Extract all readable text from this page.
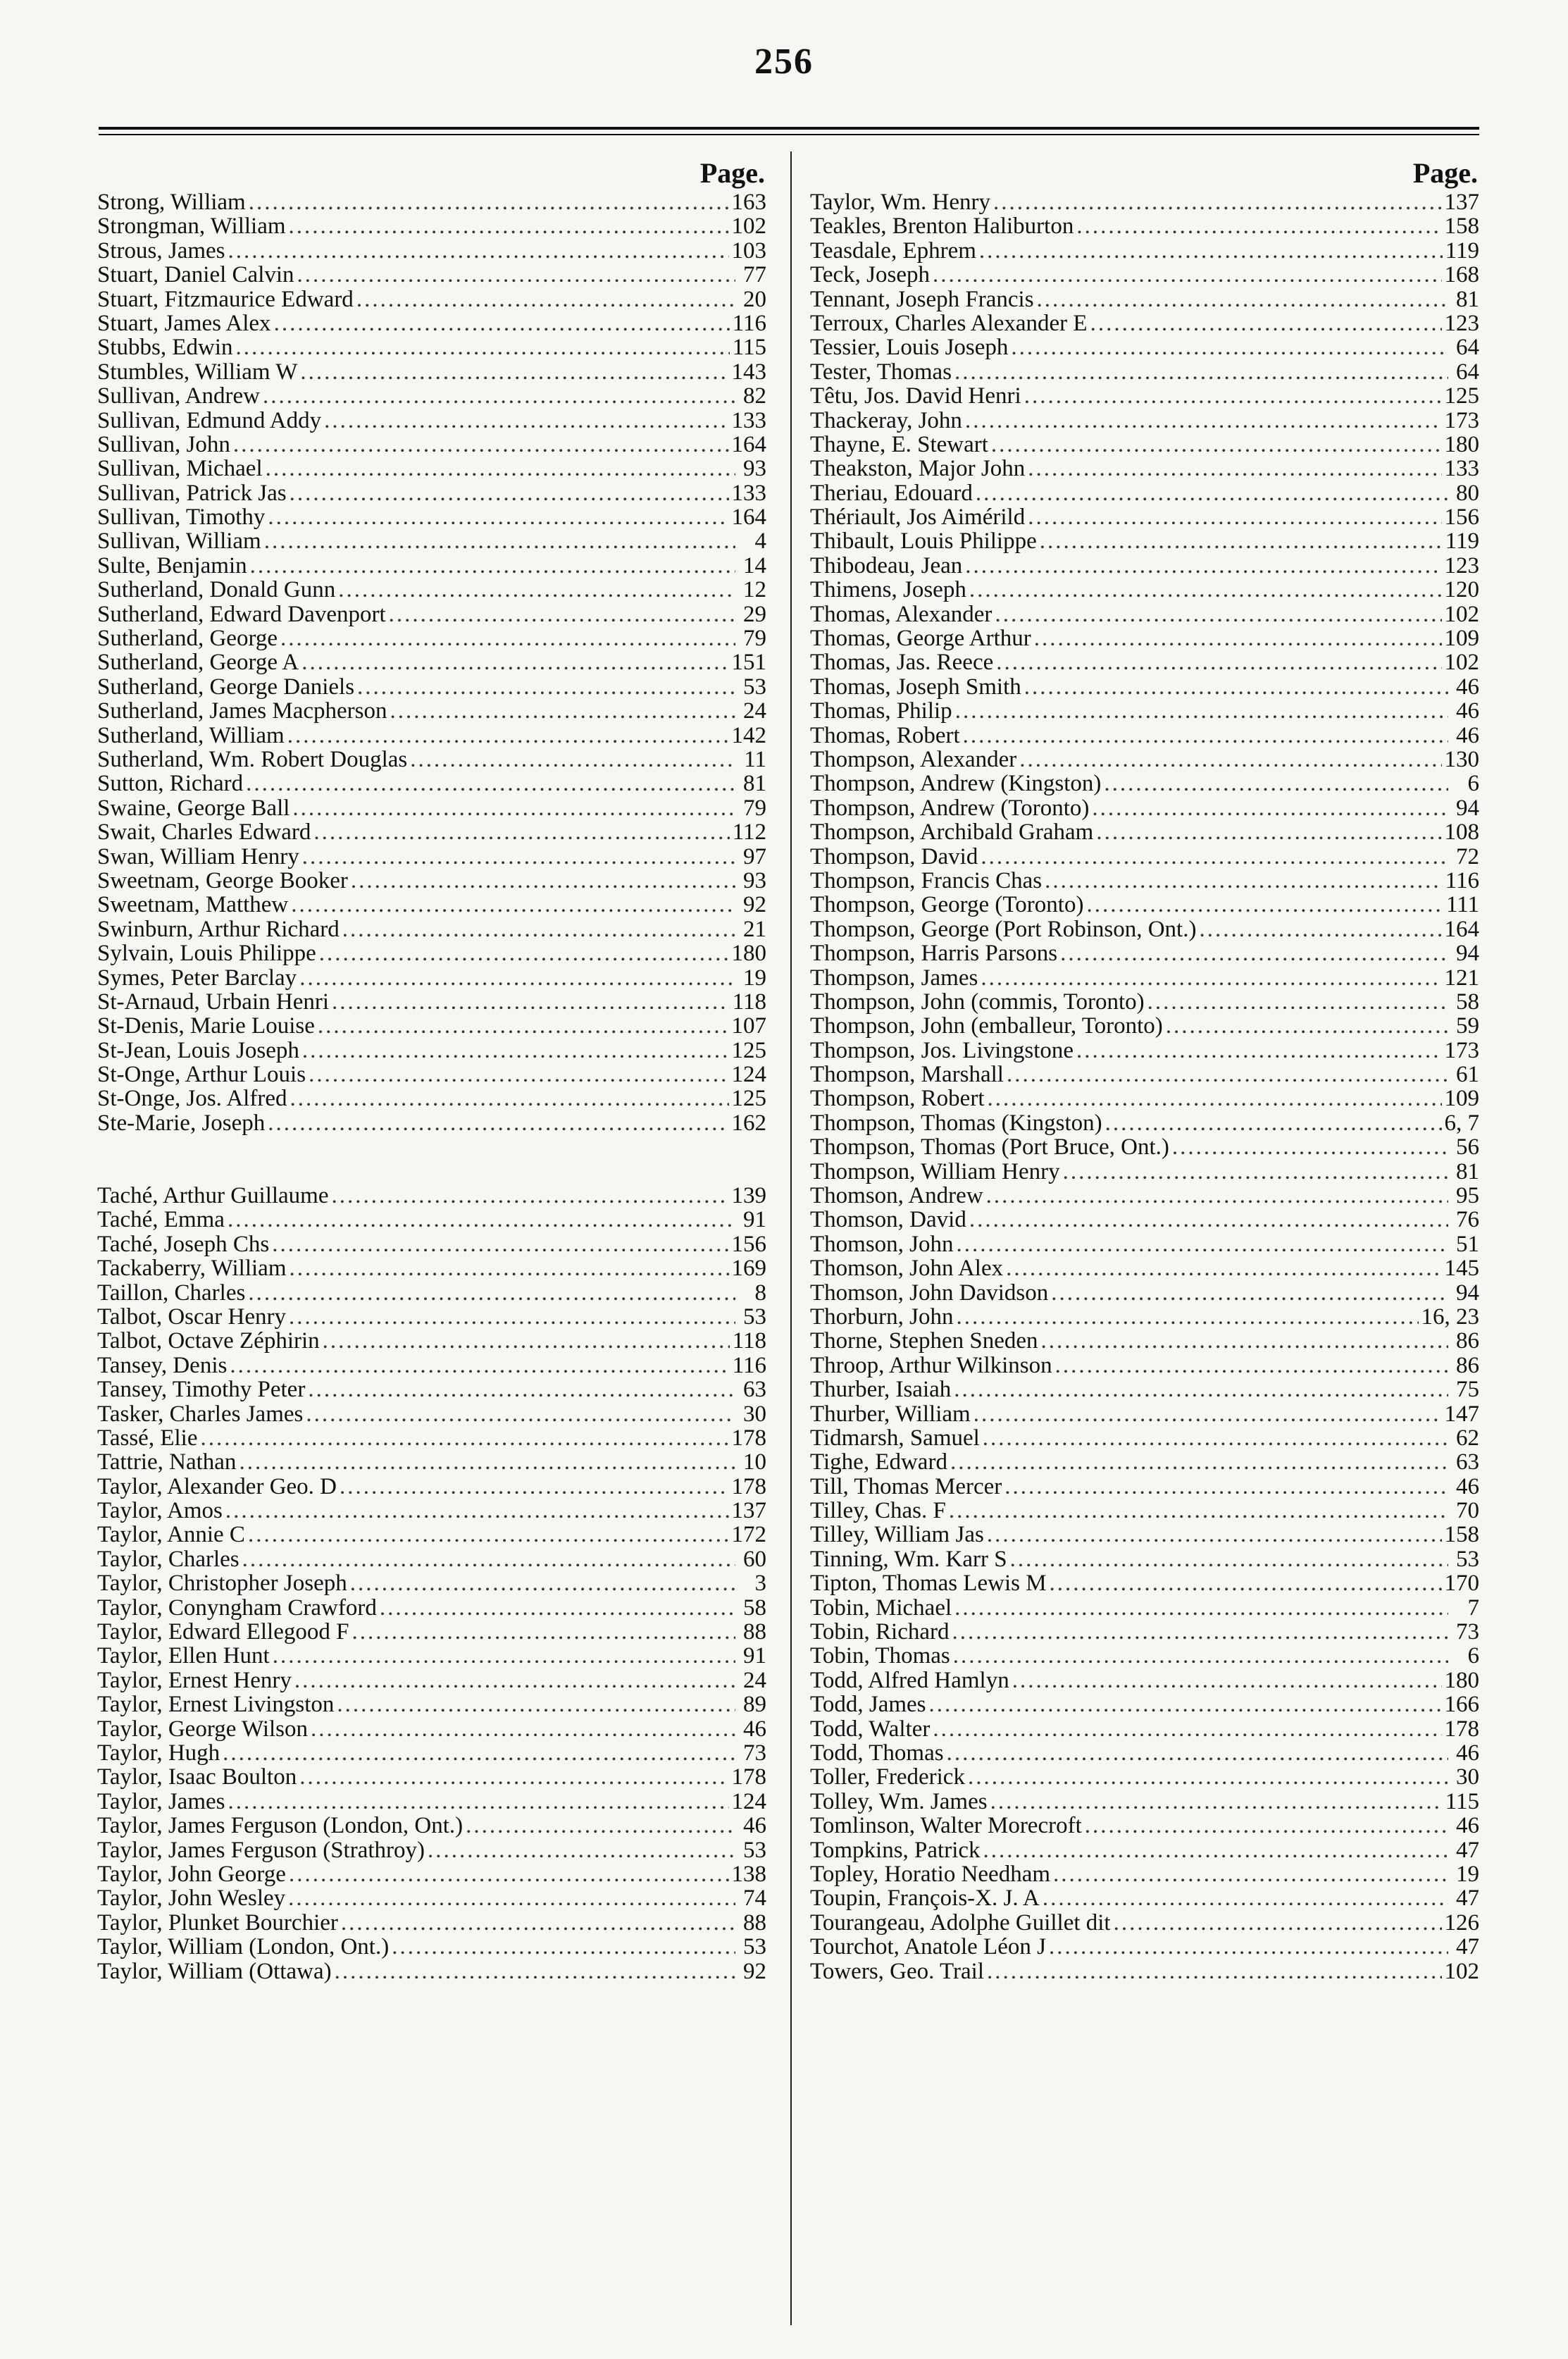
256
Page.
Strong, William .....	163
Strongman, William .....	102
Strous, James .....	103
Stuart, Daniel Calvin .....	77
Stuart, Fitzmaurice Edward .....	20
Stuart, James Alex .....	116
Stubbs, Edwin .....	115
Stumbles, William W .....	143
Sullivan, Andrew .....	82
Sullivan, Edmund Addy .....	133
Sullivan, John .....	164
Sullivan, Michael .....	93
Sullivan, Patrick Jas .....	133
Sullivan, Timothy .....	164
Sullivan, William .....	4
Sulte, Benjamin .....	14
Sutherland, Donald Gunn .....	12
Sutherland, Edward Davenport .....	29
Sutherland, George .....	79
Sutherland, George A .....	151
Sutherland, George Daniels .....	53
Sutherland, James Macpherson .....	24
Sutherland, William .....	142
Sutherland, Wm. Robert Douglas .....	11
Sutton, Richard .....	81
Swaine, George Ball .....	79
Swait, Charles Edward .....	112
Swan, William Henry .....	97
Sweetnam, George Booker .....	93
Sweetnam, Matthew .....	92
Swinburn, Arthur Richard .....	21
Sylvain, Louis Philippe .....	180
Symes, Peter Barclay .....	19
St-Arnaud, Urbain Henri .....	118
St-Denis, Marie Louise .....	107
St-Jean, Louis Joseph .....	125
St-Onge, Arthur Louis .....	124
St-Onge, Jos. Alfred .....	125
Ste-Marie, Joseph .....	162
Taché, Arthur Guillaume .....	139
Taché, Emma .....	91
Taché, Joseph Chs .....	156
Tackaberry, William .....	169
Taillon, Charles .....	8
Talbot, Oscar Henry .....	53
Talbot, Octave Zéphirin .....	118
Tansey, Denis .....	116
Tansey, Timothy Peter .....	63
Tasker, Charles James .....	30
Tassé, Elie .....	178
Tattrie, Nathan .....	10
Taylor, Alexander Geo. D .....	178
Taylor, Amos .....	137
Taylor, Annie C .....	172
Taylor, Charles .....	60
Taylor, Christopher Joseph .....	3
Taylor, Conyngham Crawford .....	58
Taylor, Edward Ellegood F .....	88
Taylor, Ellen Hunt .....	91
Taylor, Ernest Henry .....	24
Taylor, Ernest Livingston .....	89
Taylor, George Wilson .....	46
Taylor, Hugh .....	73
Taylor, Isaac Boulton .....	178
Taylor, James .....	124
Taylor, James Ferguson (London, Ont.) .....	46
Taylor, James Ferguson (Strathroy) .....	53
Taylor, John George .....	138
Taylor, John Wesley .....	74
Taylor, Plunket Bourchier .....	88
Taylor, William (London, Ont.) .....	53
Taylor, William (Ottawa) .....	92
Page.
Taylor, Wm. Henry .....	137
Teakles, Brenton Haliburton .....	158
Teasdale, Ephrem .....	119
Teck, Joseph .....	168
Tennant, Joseph Francis .....	81
Terroux, Charles Alexander E .....	123
Tessier, Louis Joseph .....	64
Tester, Thomas .....	64
Têtu, Jos. David Henri .....	125
Thackeray, John .....	173
Thayne, E. Stewart .....	180
Theakston, Major John .....	133
Theriau, Edouard .....	80
Thériault, Jos Aimérild .....	156
Thibault, Louis Philippe .....	119
Thibodeau, Jean .....	123
Thimens, Joseph .....	120
Thomas, Alexander .....	102
Thomas, George Arthur .....	109
Thomas, Jas. Reece .....	102
Thomas, Joseph Smith .....	46
Thomas, Philip .....	46
Thomas, Robert .....	46
Thompson, Alexander .....	130
Thompson, Andrew (Kingston) .....	6
Thompson, Andrew (Toronto) .....	94
Thompson, Archibald Graham .....	108
Thompson, David .....	72
Thompson, Francis Chas .....	116
Thompson, George (Toronto) .....	111
Thompson, George (Port Robinson, Ont.) .....	164
Thompson, Harris Parsons .....	94
Thompson, James .....	121
Thompson, John (commis, Toronto) .....	58
Thompson, John (emballeur, Toronto) .....	59
Thompson, Jos. Livingstone .....	173
Thompson, Marshall .....	61
Thompson, Robert .....	109
Thompson, Thomas (Kingston) .....	6, 7
Thompson, Thomas (Port Bruce, Ont.) .....	56
Thompson, William Henry .....	81
Thomson, Andrew .....	95
Thomson, David .....	76
Thomson, John .....	51
Thomson, John Alex .....	145
Thomson, John Davidson .....	94
Thorburn, John .....	16, 23
Thorne, Stephen Sneden .....	86
Throop, Arthur Wilkinson .....	86
Thurber, Isaiah .....	75
Thurber, William .....	147
Tidmarsh, Samuel .....	62
Tighe, Edward .....	63
Till, Thomas Mercer .....	46
Tilley, Chas. F .....	70
Tilley, William Jas .....	158
Tinning, Wm. Karr S .....	53
Tipton, Thomas Lewis M .....	170
Tobin, Michael .....	7
Tobin, Richard .....	73
Tobin, Thomas .....	6
Todd, Alfred Hamlyn .....	180
Todd, James .....	166
Todd, Walter .....	178
Todd, Thomas .....	46
Toller, Frederick .....	30
Tolley, Wm. James .....	115
Tomlinson, Walter Morecroft .....	46
Tompkins, Patrick .....	47
Topley, Horatio Needham .....	19
Toupin, François-X. J. A .....	47
Tourangeau, Adolphe Guillet dit .....	126
Tourchot, Anatole Léon J .....	47
Towers, Geo. Trail .....	102
